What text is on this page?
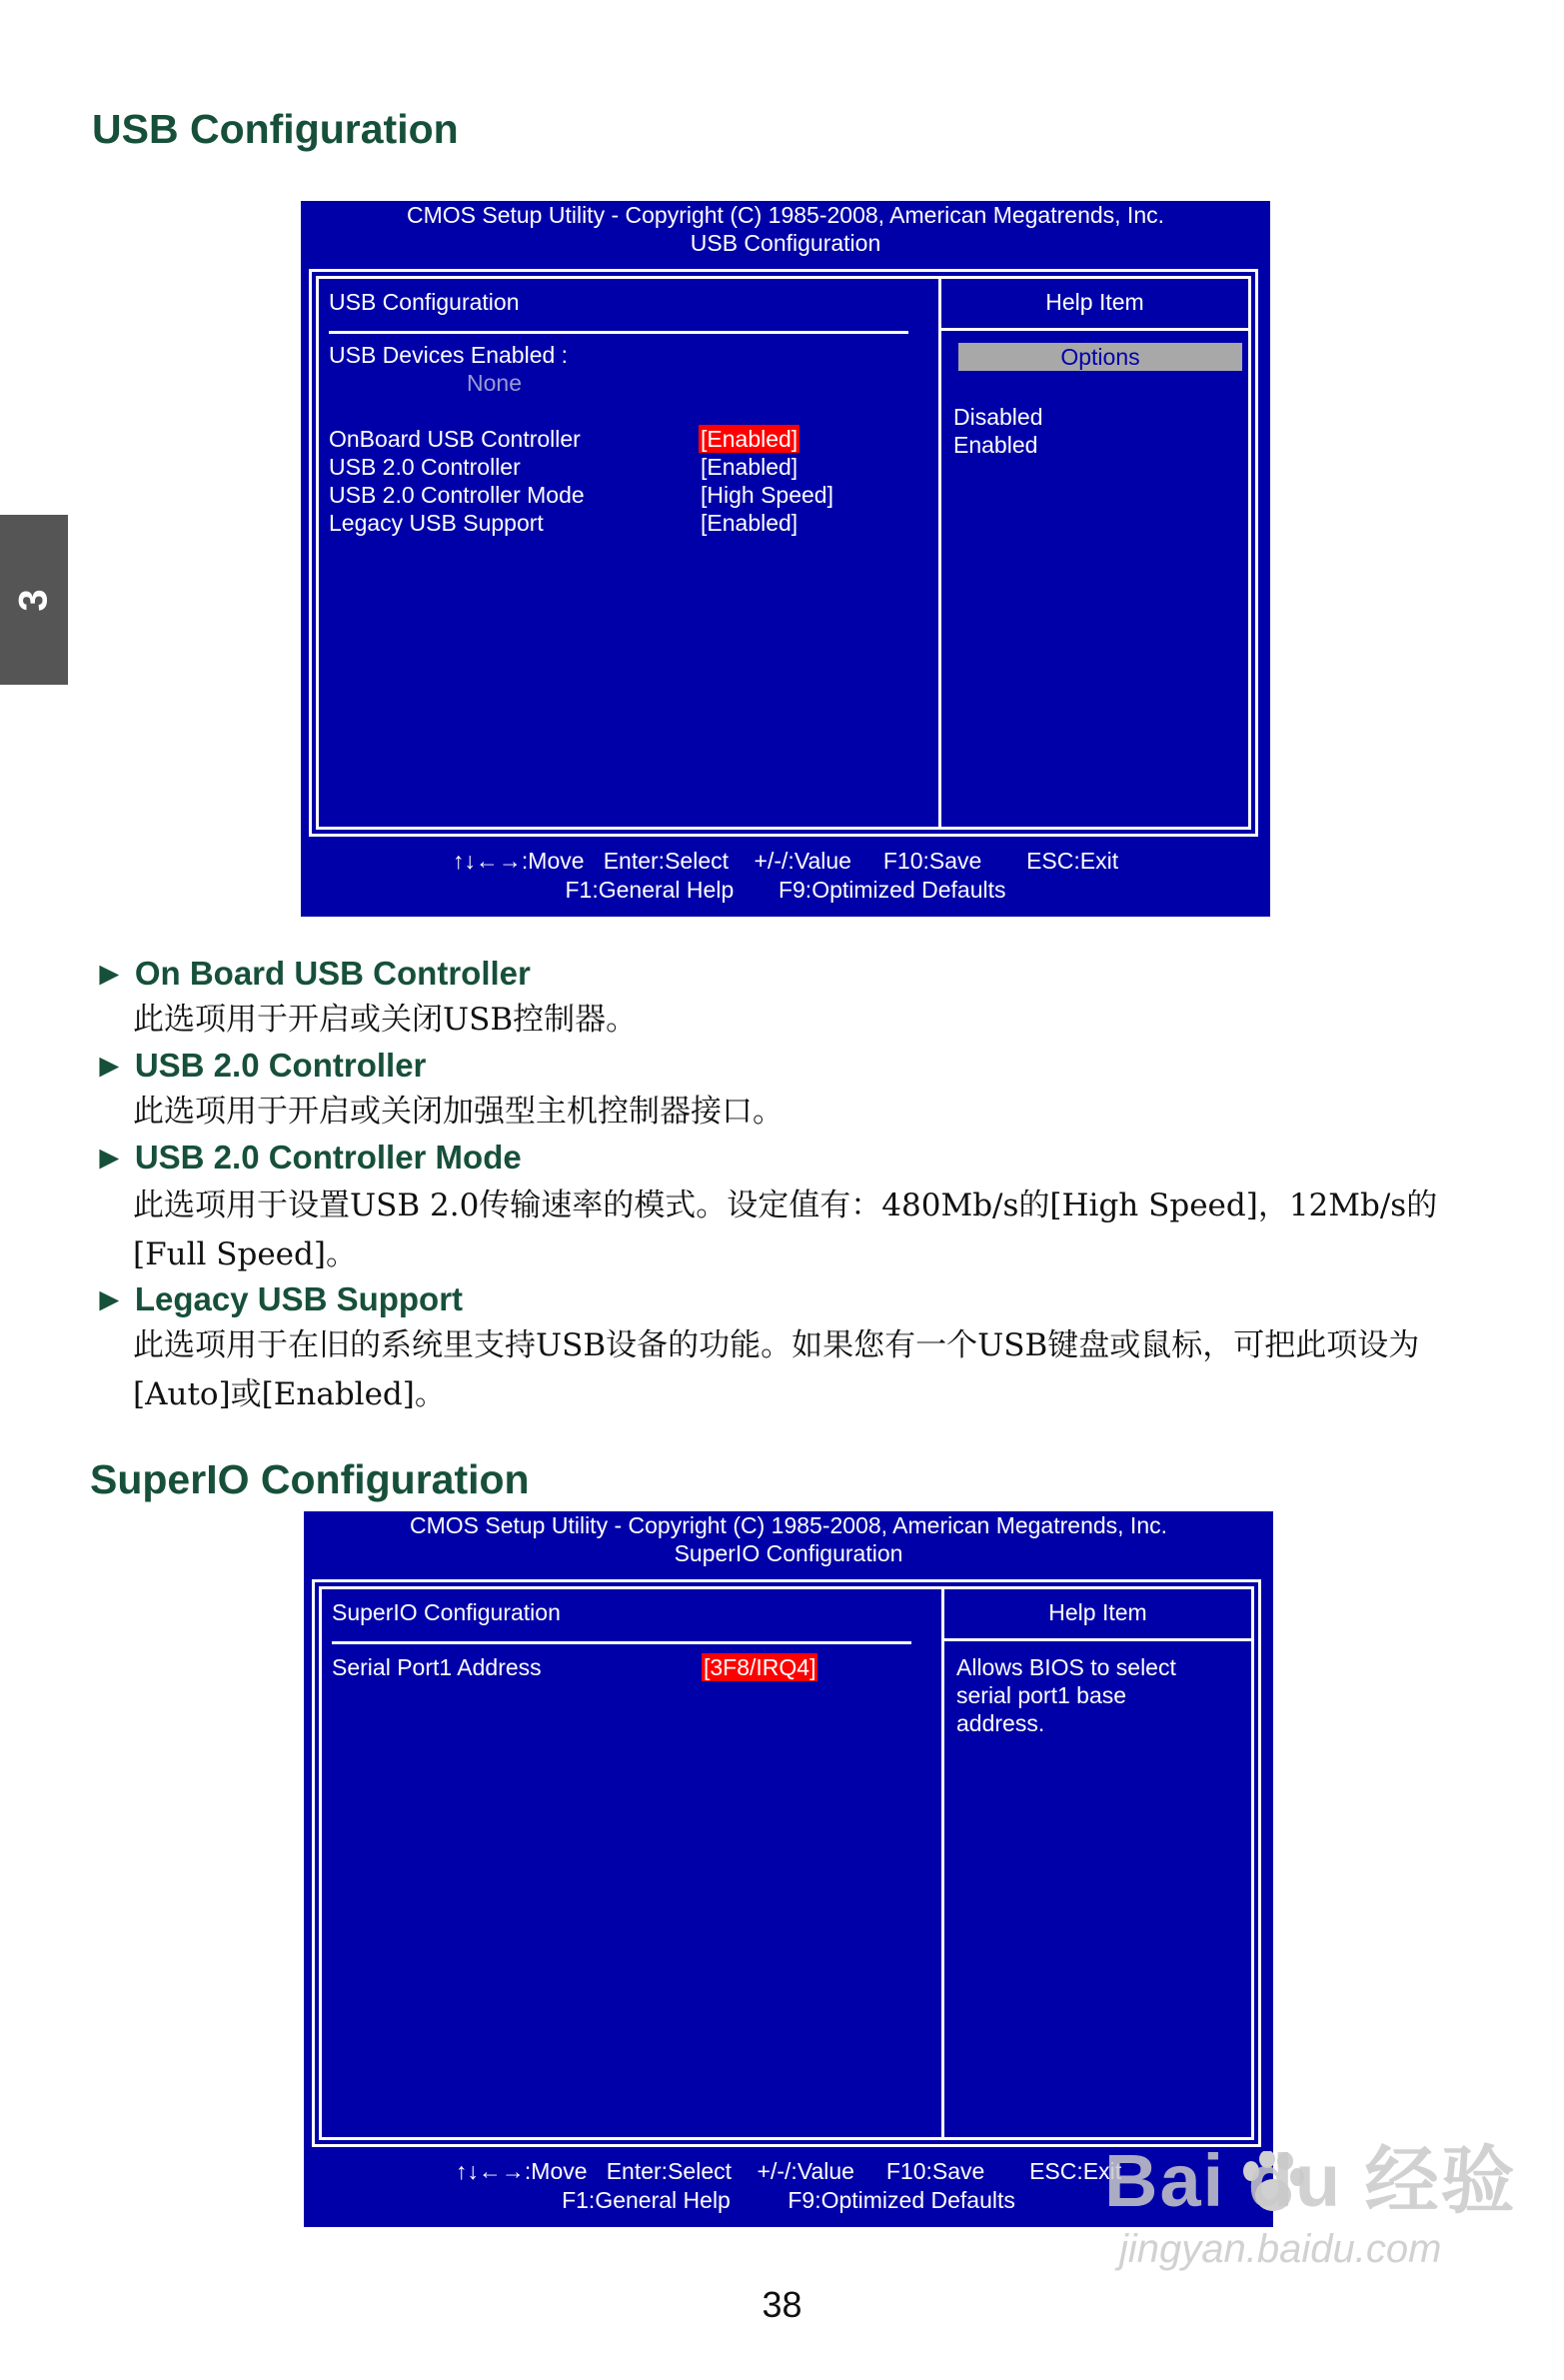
3
USB Configuration
CMOS Setup Utility - Copyright (C) 1985-2008, American Megatrends, Inc.
USB Configuration
USB Configuration
USB Devices Enabled :
None
OnBoard USB Controller	[Enabled]
USB 2.0 Controller	[Enabled]
USB 2.0 Controller Mode	[High Speed]
Legacy USB Support	[Enabled]
Help Item
Options
Disabled
Enabled
↑↓←→:Move   Enter:Select    +/-/:Value     F10:Save       ESC:Exit
F1:General Help       F9:Optimized Defaults
► On Board USB Controller
此选项用于开启或关闭USB控制器。
► USB 2.0 Controller
此选项用于开启或关闭加强型主机控制器接口。
► USB 2.0 Controller Mode
此选项用于设置USB 2.0传输速率的模式。设定值有：480Mb/s的[High Speed]，12Mb/s的[Full Speed]。
► Legacy USB Support
此选项用于在旧的系统里支持USB设备的功能。如果您有一个USB键盘或鼠标，可把此项设为[Auto]或[Enabled]。
SuperIO Configuration
CMOS Setup Utility - Copyright (C) 1985-2008, American Megatrends, Inc.
SuperIO Configuration
SuperIO Configuration
Serial Port1 Address	[3F8/IRQ4]
Help Item
Allows BIOS to select
serial port1 base
address.
↑↓←→:Move   Enter:Select    +/-/:Value     F10:Save       ESC:Exit
F1:General Help         F9:Optimized Defaults	Bai du 经验
jingyan.baidu.com
38
